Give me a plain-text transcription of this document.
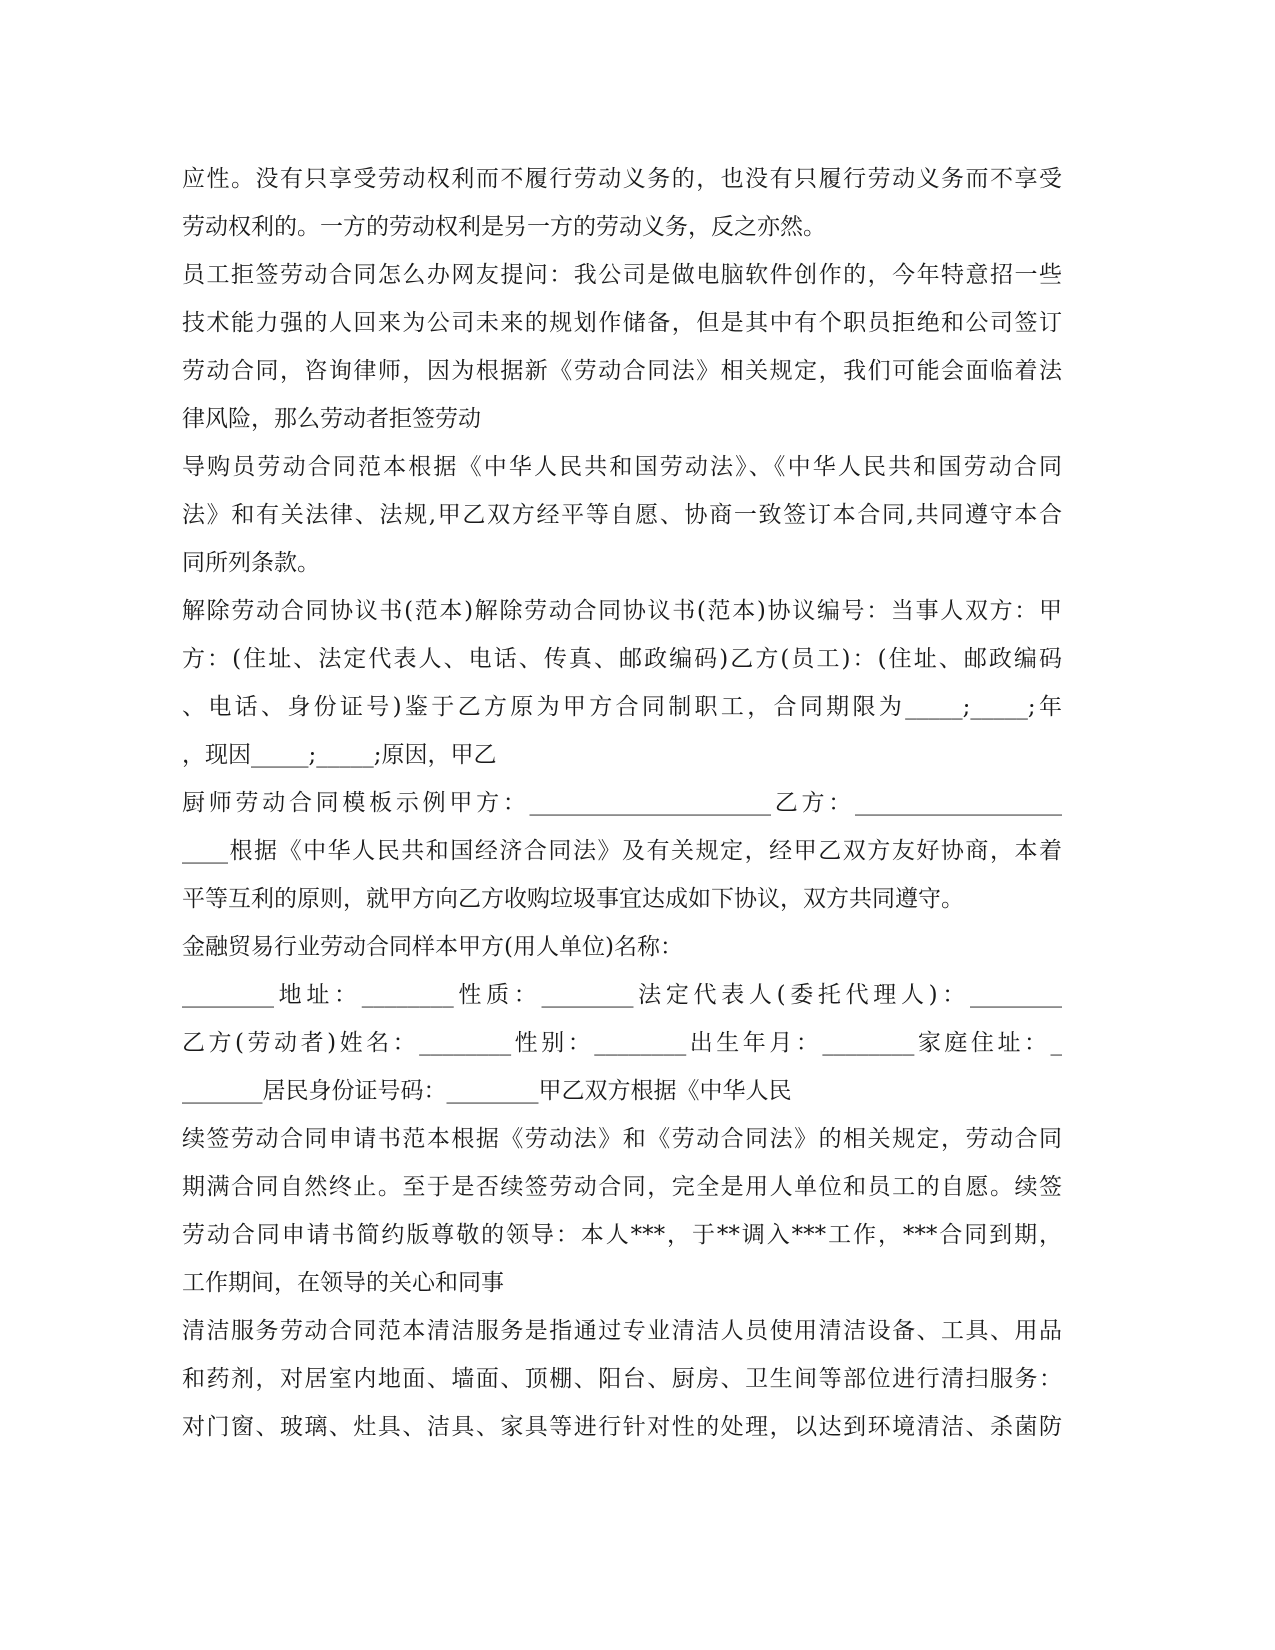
应性。没有只享受劳动权利而不履行劳动义务的，也没有只履行劳动义务而不享受
劳动权利的。一方的劳动权利是另一方的劳动义务，反之亦然。
员工拒签劳动合同怎么办网友提问：我公司是做电脑软件创作的，今年特意招一些
技术能力强的人回来为公司未来的规划作储备，但是其中有个职员拒绝和公司签订
劳动合同，咨询律师，因为根据新《劳动合同法》相关规定，我们可能会面临着法
律风险，那么劳动者拒签劳动
导购员劳动合同范本根据《中华人民共和国劳动法》、《中华人民共和国劳动合同
法》和有关法律、法规,甲乙双方经平等自愿、协商一致签订本合同,共同遵守本合
同所列条款。
解除劳动合同协议书(范本)解除劳动合同协议书(范本)协议编号：当事人双方：甲
方：(住址、法定代表人、电话、传真、邮政编码)乙方(员工)：(住址、邮政编码
、电话、身份证号)鉴于乙方原为甲方合同制职工，合同期限为_____;_____;年
，现因_____;_____;原因，甲乙
厨师劳动合同模板示例甲方：_____________________乙方：__________________
____根据《中华人民共和国经济合同法》及有关规定，经甲乙双方友好协商，本着
平等互利的原则，就甲方向乙方收购垃圾事宜达成如下协议，双方共同遵守。
金融贸易行业劳动合同样本甲方(用人单位)名称：
________地址：________性质：________法定代表人(委托代理人)：________
乙方(劳动者)姓名：________性别：________出生年月：________家庭住址：_
_______居民身份证号码：________甲乙双方根据《中华人民
续签劳动合同申请书范本根据《劳动法》和《劳动合同法》的相关规定，劳动合同
期满合同自然终止。至于是否续签劳动合同，完全是用人单位和员工的自愿。续签
劳动合同申请书简约版尊敬的领导：本人***，于**调入***工作，***合同到期，
工作期间，在领导的关心和同事
清洁服务劳动合同范本清洁服务是指通过专业清洁人员使用清洁设备、工具、用品
和药剂，对居室内地面、墙面、顶棚、阳台、厨房、卫生间等部位进行清扫服务：
对门窗、玻璃、灶具、洁具、家具等进行针对性的处理，以达到环境清洁、杀菌防
